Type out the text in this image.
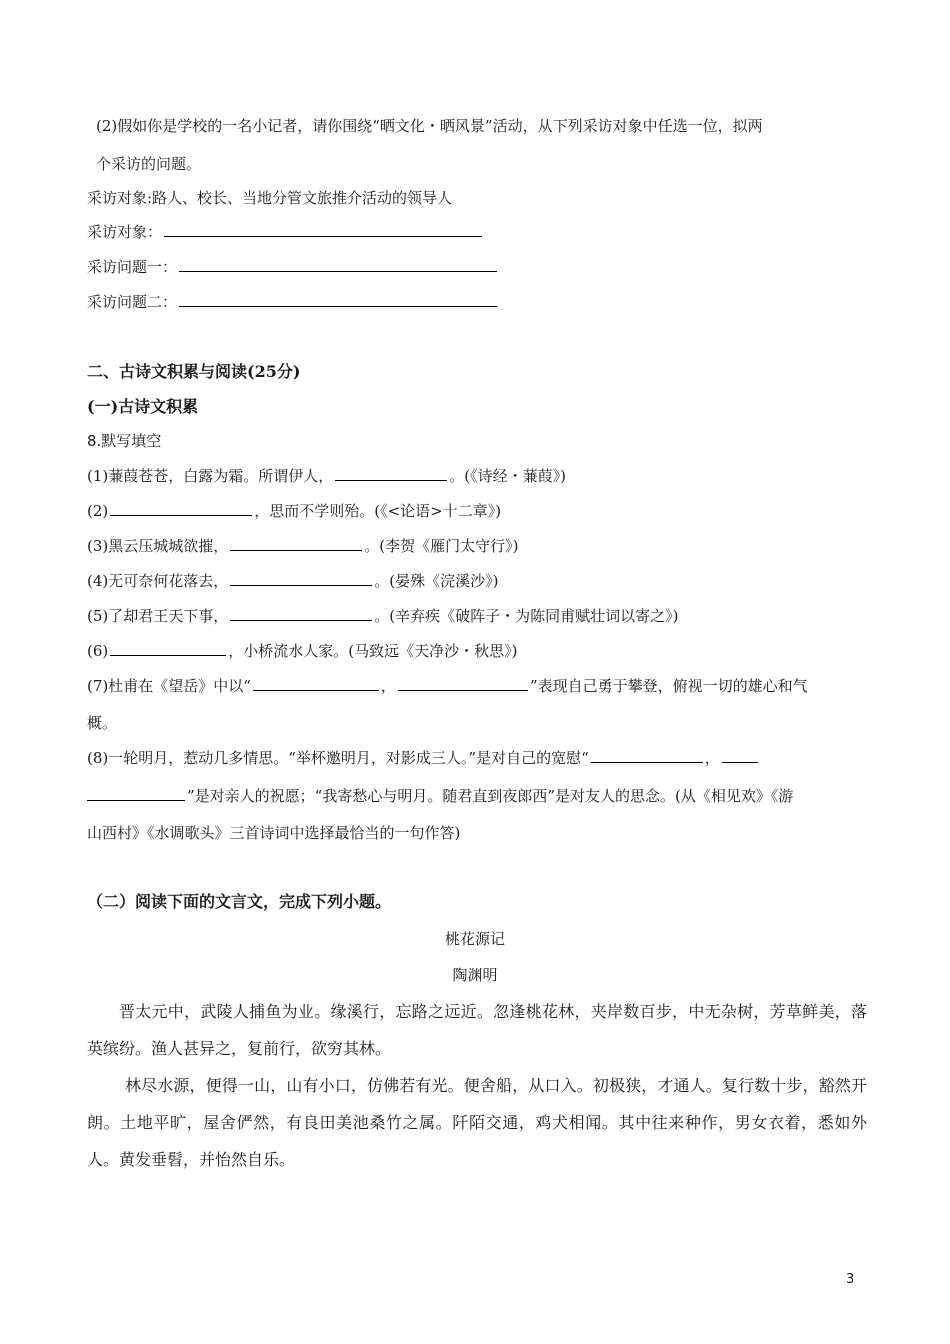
(2)假如你是学校的一名小记者，请你围绕“晒文化・晒风景”活动，从下列采访对象中任选一位，拟两
个采访的问题。
采访对象:路人、校长、当地分管文旅推介活动的领导人
采访对象：
采访问题一：
采访问题二：
二、古诗文积累与阅读(25分)
(一)古诗文积累
8.默写填空
(1)蒹葭苍苍，白露为霜。所谓伊人，	。(《诗经・蒹葭》)
(2)	，思而不学则殆。(《<论语>十二章》)
(3)黑云压城城欲摧，	。(李贺《雁门太守行》)
(4)无可奈何花落去，	。(晏殊《浣溪沙》)
(5)了却君王天下事，	。(辛弃疾《破阵子・为陈同甫赋壮词以寄之》)
(6)	，小桥流水人家。(马致远《天净沙・秋思》)
(7)杜甫在《望岳》中以“	，	”表现自己勇于攀登，俯视一切的雄心和气
概。
(8)一轮明月，惹动几多情思。“举杯邀明月，对影成三人。”是对自己的宽慰“	，
”是对亲人的祝愿；“我寄愁心与明月。随君直到夜郎西”是对友人的思念。(从《相见欢》《游
山西村》《水调歌头》三首诗词中选择最恰当的一句作答)
（二）阅读下面的文言文，完成下列小题。
桃花源记
陶渊明

晋太元中，武陵人捕鱼为业。缘溪行，忘路之远近。忽逢桃花林，夹岸数百步，中无杂树，芳草鲜美，落英缤纷。渔人甚异之，复前行，欲穷其林。

林尽水源，便得一山，山有小口，仿佛若有光。便舍船，从口入。初极狭，才通人。复行数十步，豁然开朗。土地平旷，屋舍俨然，有良田美池桑竹之属。阡陌交通，鸡犬相闻。其中往来种作，男女衣着，悉如外人。黄发垂髫，并怡然自乐。

3
